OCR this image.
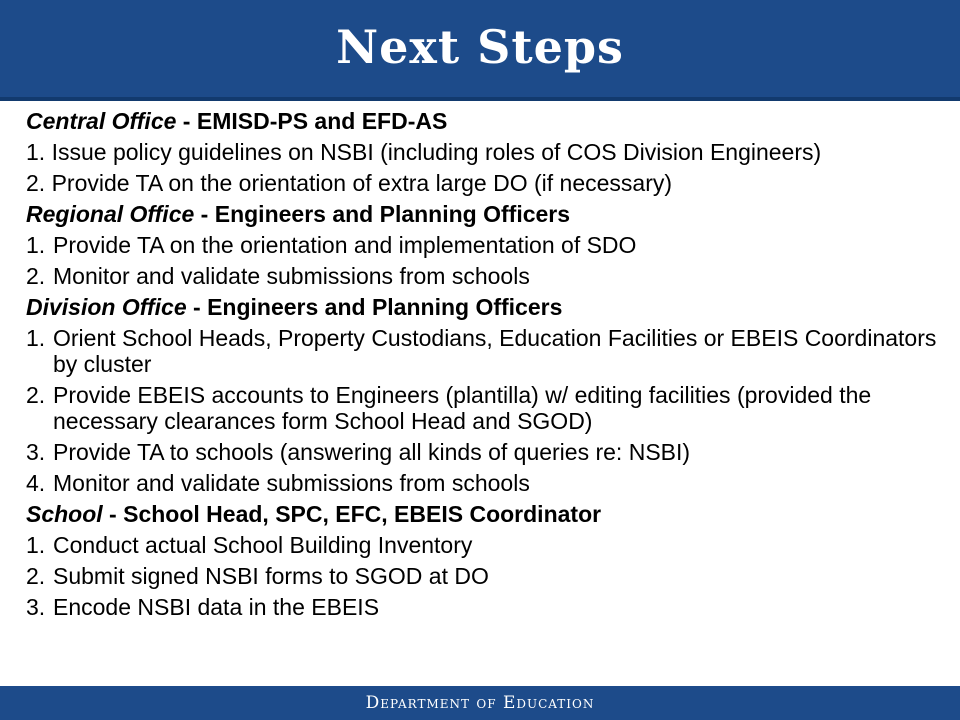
Next Steps
Central Office - EMISD-PS and EFD-AS
1. Issue policy guidelines on NSBI (including roles of COS Division Engineers)
2. Provide TA on the orientation of extra large DO (if necessary)
Regional Office - Engineers and Planning Officers
1. Provide TA on the orientation and implementation of SDO
2. Monitor and validate submissions from schools
Division Office - Engineers and Planning Officers
1. Orient School Heads, Property Custodians, Education Facilities or EBEIS Coordinators by cluster
2. Provide EBEIS accounts to Engineers (plantilla) w/ editing facilities (provided the necessary clearances form School Head and SGOD)
3. Provide TA to schools (answering all kinds of queries re: NSBI)
4. Monitor and validate submissions from schools
School - School Head, SPC, EFC, EBEIS Coordinator
1. Conduct actual School Building Inventory
2. Submit signed NSBI forms to SGOD at DO
3. Encode NSBI data in the EBEIS
Department of Education
